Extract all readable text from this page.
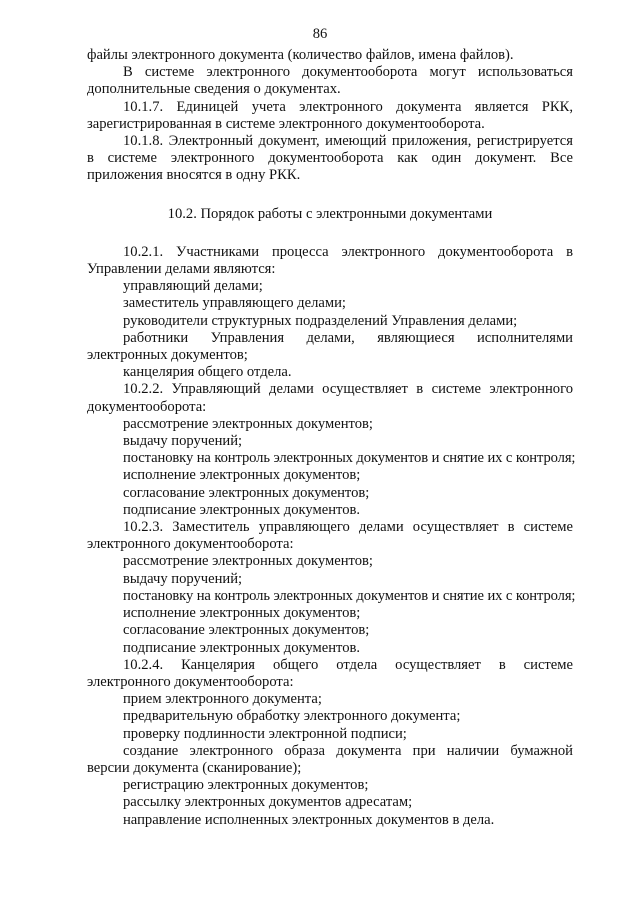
86

файлы электронного документа (количество файлов, имена файлов).

В системе электронного документооборота могут использоваться дополнительные сведения о документах.

10.1.7. Единицей учета электронного документа является РКК, зарегистрированная в системе электронного документооборота.

10.1.8. Электронный документ, имеющий приложения, регистрируется в системе электронного документооборота как один документ. Все приложения вносятся в одну РКК.

10.2. Порядок работы с электронными документами

10.2.1. Участниками процесса электронного документооборота в Управлении делами являются:

управляющий делами;

заместитель управляющего делами;

руководители структурных подразделений Управления делами;

работники Управления делами, являющиеся исполнителями электронных документов;

канцелярия общего отдела.

10.2.2. Управляющий делами осуществляет в системе электронного документооборота:

рассмотрение электронных документов;

выдачу поручений;

постановку на контроль электронных документов и снятие их с контроля;

исполнение электронных документов;

согласование электронных документов;

подписание электронных документов.

10.2.3. Заместитель управляющего делами осуществляет в системе электронного документооборота:

рассмотрение электронных документов;

выдачу поручений;

постановку на контроль электронных документов и снятие их с контроля;

исполнение электронных документов;

согласование электронных документов;

подписание электронных документов.

10.2.4. Канцелярия общего отдела осуществляет в системе электронного документооборота:

прием электронного документа;

предварительную обработку электронного документа;

проверку подлинности электронной подписи;

создание электронного образа документа при наличии бумажной версии документа (сканирование);

регистрацию электронных документов;

рассылку электронных документов адресатам;

направление исполненных электронных документов в дела.
